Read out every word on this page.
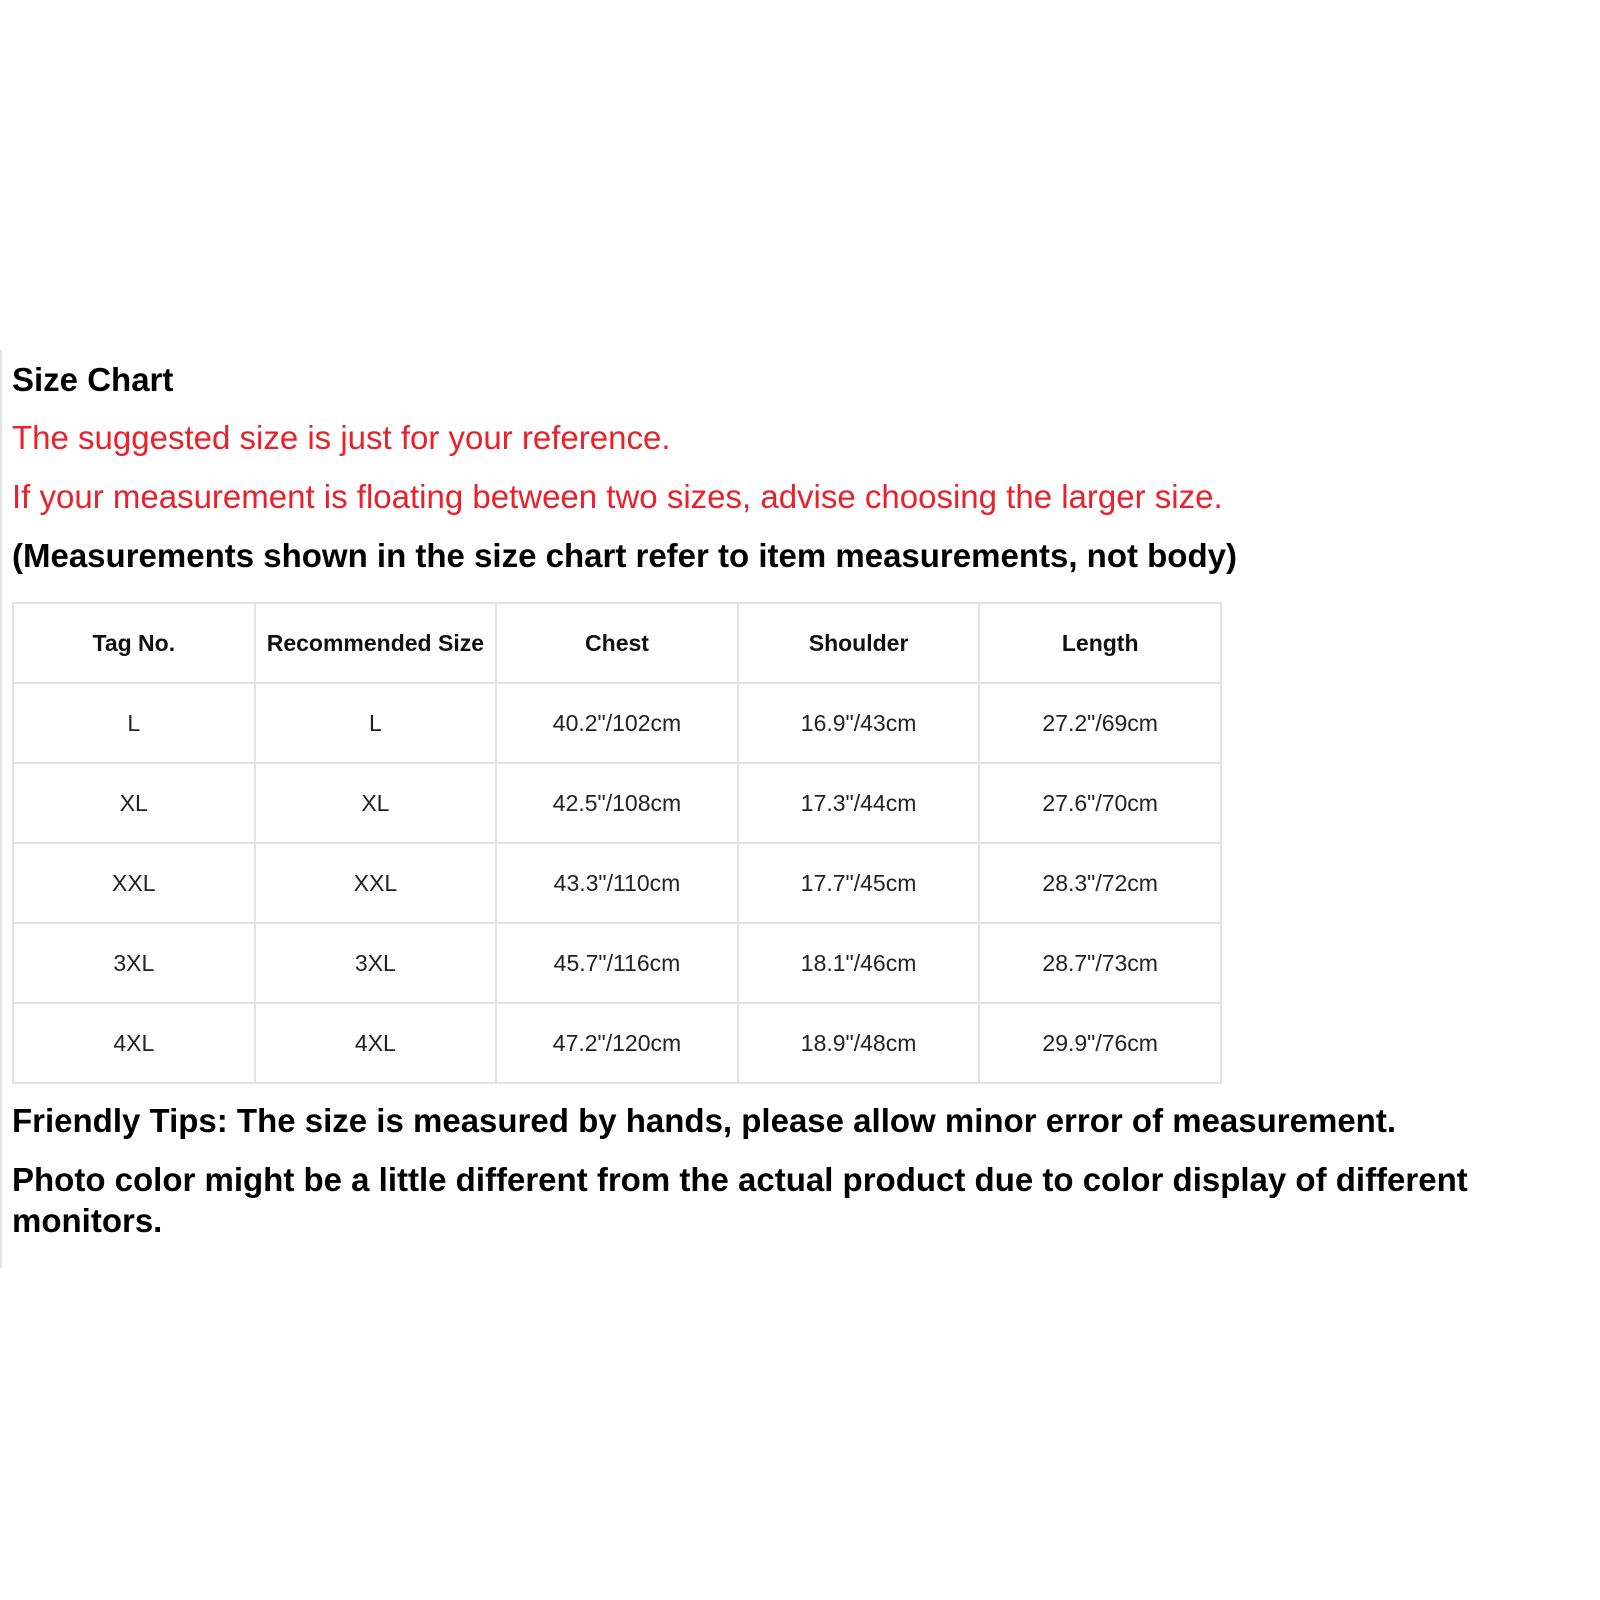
Size Chart

The suggested size is just for your reference.

If your measurement is floating between two sizes, advise choosing the larger size.

(Measurements shown in the size chart refer to item measurements, not body)

Tag No.	Recommended Size	Chest	Shoulder	Length
L	L	40.2"/102cm	16.9"/43cm	27.2"/69cm
XL	XL	42.5"/108cm	17.3"/44cm	27.6"/70cm
XXL	XXL	43.3"/110cm	17.7"/45cm	28.3"/72cm
3XL	3XL	45.7"/116cm	18.1"/46cm	28.7"/73cm
4XL	4XL	47.2"/120cm	18.9"/48cm	29.9"/76cm

Friendly Tips: The size is measured by hands, please allow minor error of measurement.

Photo color might be a little different from the actual product due to color display of different monitors.
